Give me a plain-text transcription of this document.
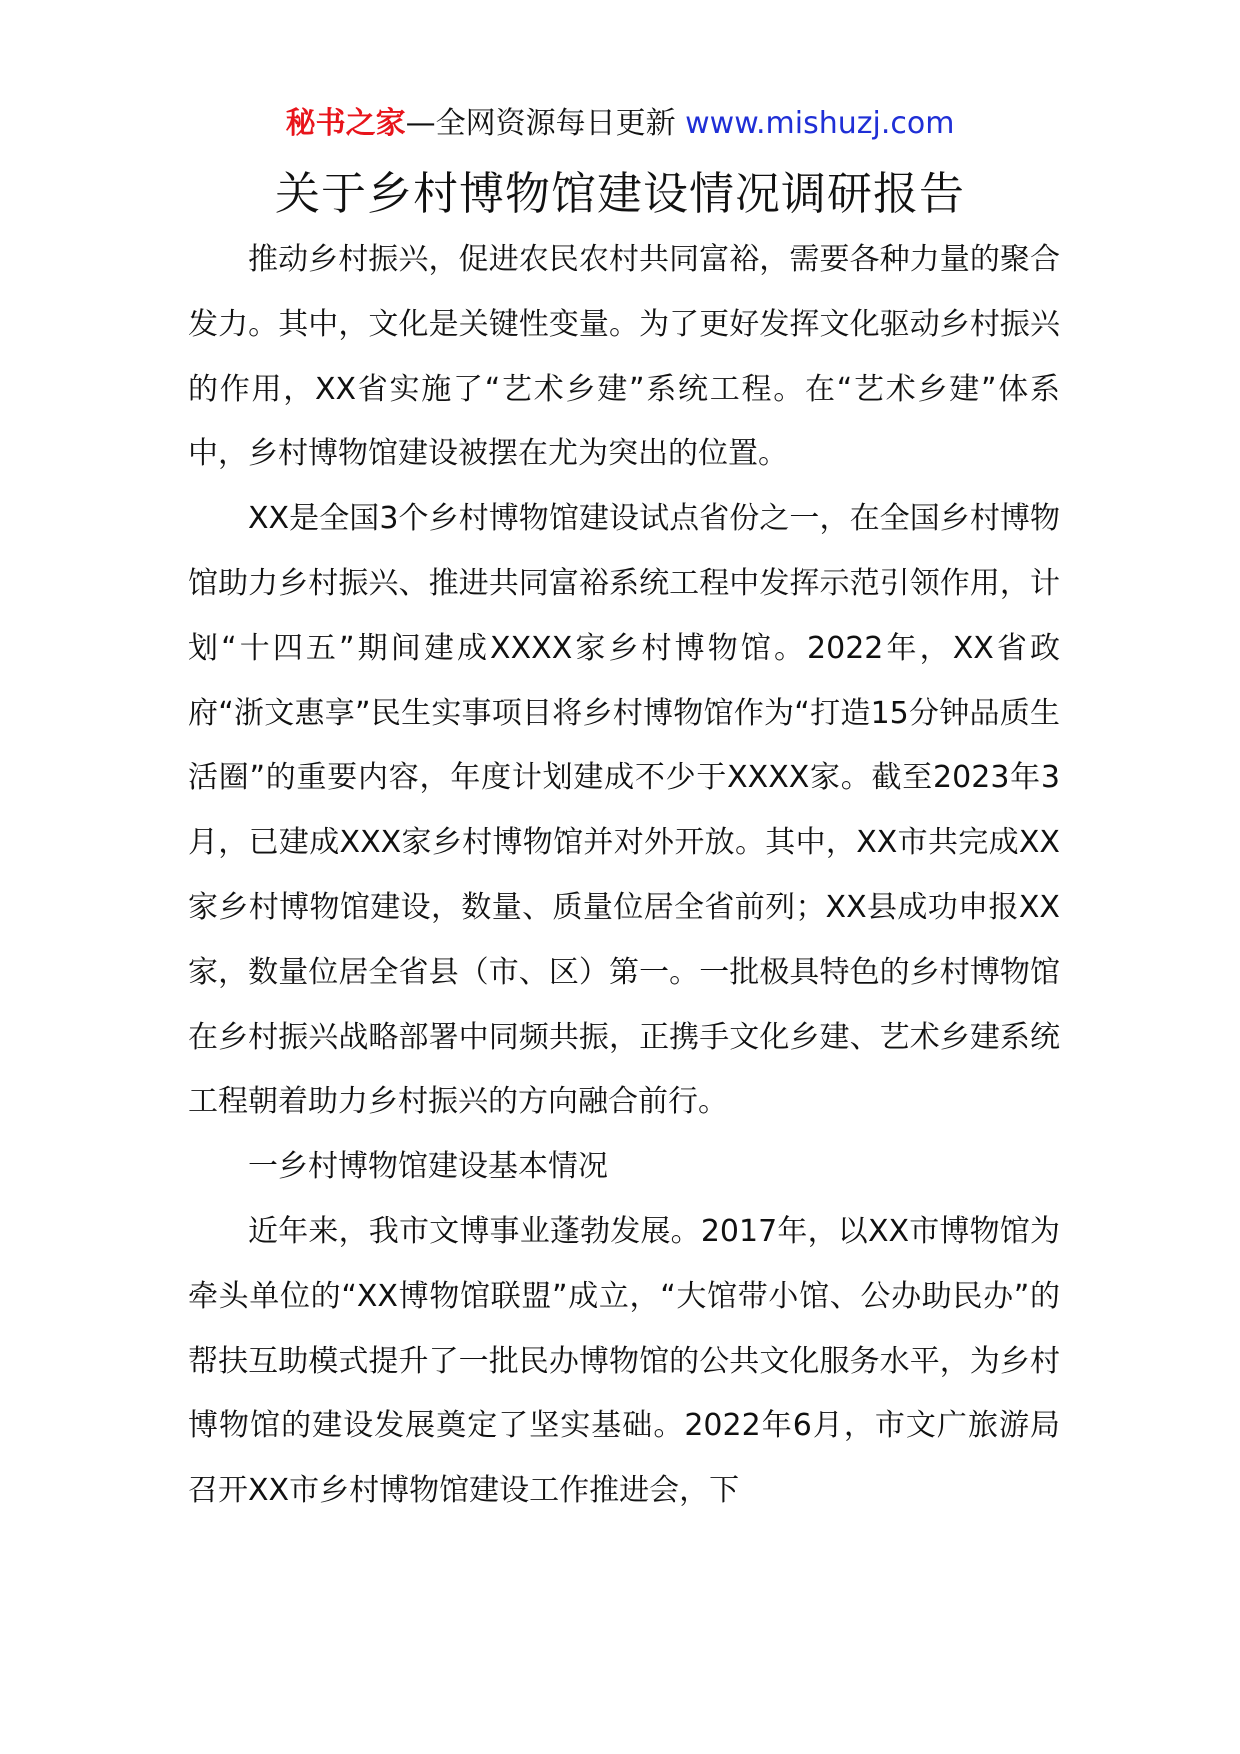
秘书之家—全网资源每日更新 www.mishuzj.com
关于乡村博物馆建设情况调研报告

推动乡村振兴，促进农民农村共同富裕，需要各种力量的聚合发力。其中，文化是关键性变量。为了更好发挥文化驱动乡村振兴的作用，XX省实施了“艺术乡建”系统工程。在“艺术乡建”体系中，乡村博物馆建设被摆在尤为突出的位置。

XX是全国3个乡村博物馆建设试点省份之一，在全国乡村博物馆助力乡村振兴、推进共同富裕系统工程中发挥示范引领作用，计划“十四五”期间建成XXXX家乡村博物馆。2022年，XX省政府“浙文惠享”民生实事项目将乡村博物馆作为“打造15分钟品质生活圈”的重要内容，年度计划建成不少于XXXX家。截至2023年3月，已建成XXX家乡村博物馆并对外开放。其中，XX市共完成XX家乡村博物馆建设，数量、质量位居全省前列；XX县成功申报XX家，数量位居全省县（市、区）第一。一批极具特色的乡村博物馆在乡村振兴战略部署中同频共振，正携手文化乡建、艺术乡建系统工程朝着助力乡村振兴的方向融合前行。

一乡村博物馆建设基本情况

近年来，我市文博事业蓬勃发展。2017年，以XX市博物馆为牵头单位的“XX博物馆联盟”成立，“大馆带小馆、公办助民办”的帮扶互助模式提升了一批民办博物馆的公共文化服务水平，为乡村博物馆的建设发展奠定了坚实基础。2022年6月，市文广旅游局召开XX市乡村博物馆建设工作推进会，下
